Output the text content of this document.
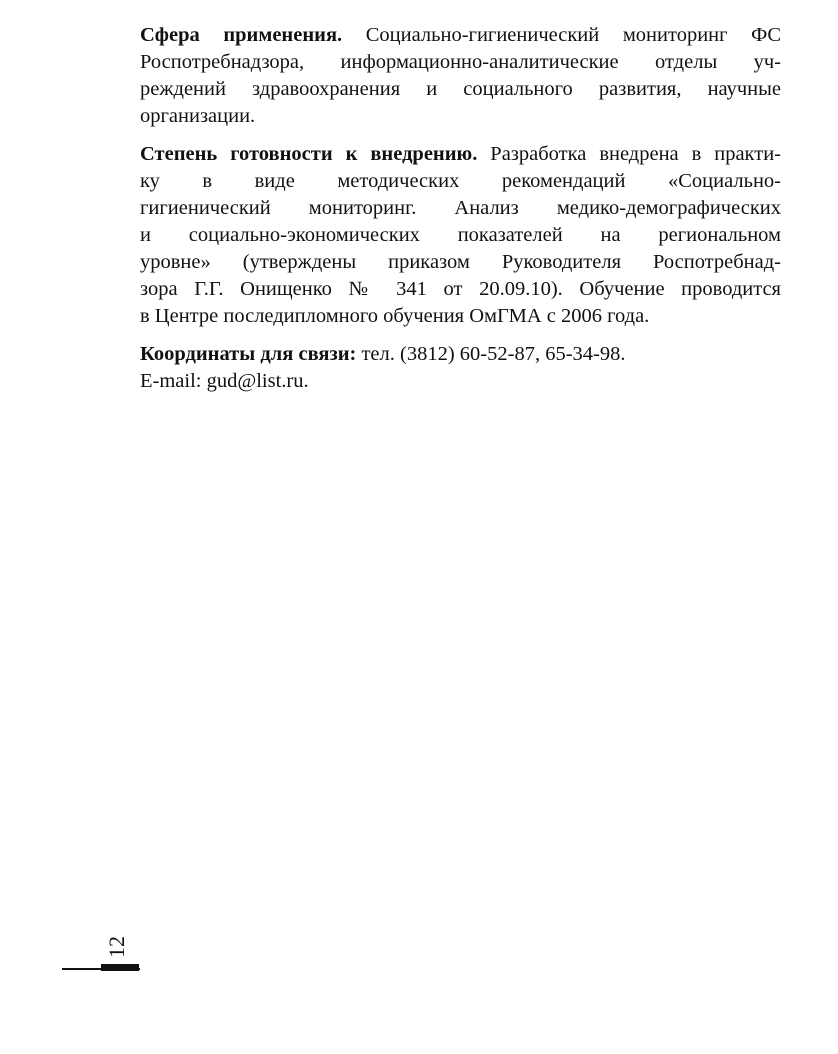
Сфера применения. Социально-гигиенический мониторинг ФС
Роспотребнадзора, информационно-аналитические отделы уч-
реждений здравоохранения и социального развития, научные
организации.

Степень готовности к внедрению. Разработка внедрена в практи-
ку в виде методических рекомендаций «Социально-
гигиенический мониторинг. Анализ медико-демографических
и социально-экономических показателей на региональном
уровне» (утверждены приказом Руководителя Роспотребнад-
зора Г.Г. Онищенко № 341 от 20.09.10). Обучение проводится
в Центре последипломного обучения ОмГМА с 2006 года.

Координаты для связи: тел. (3812) 60-52-87, 65-34-98.
E-mail: gud@list.ru.

12
